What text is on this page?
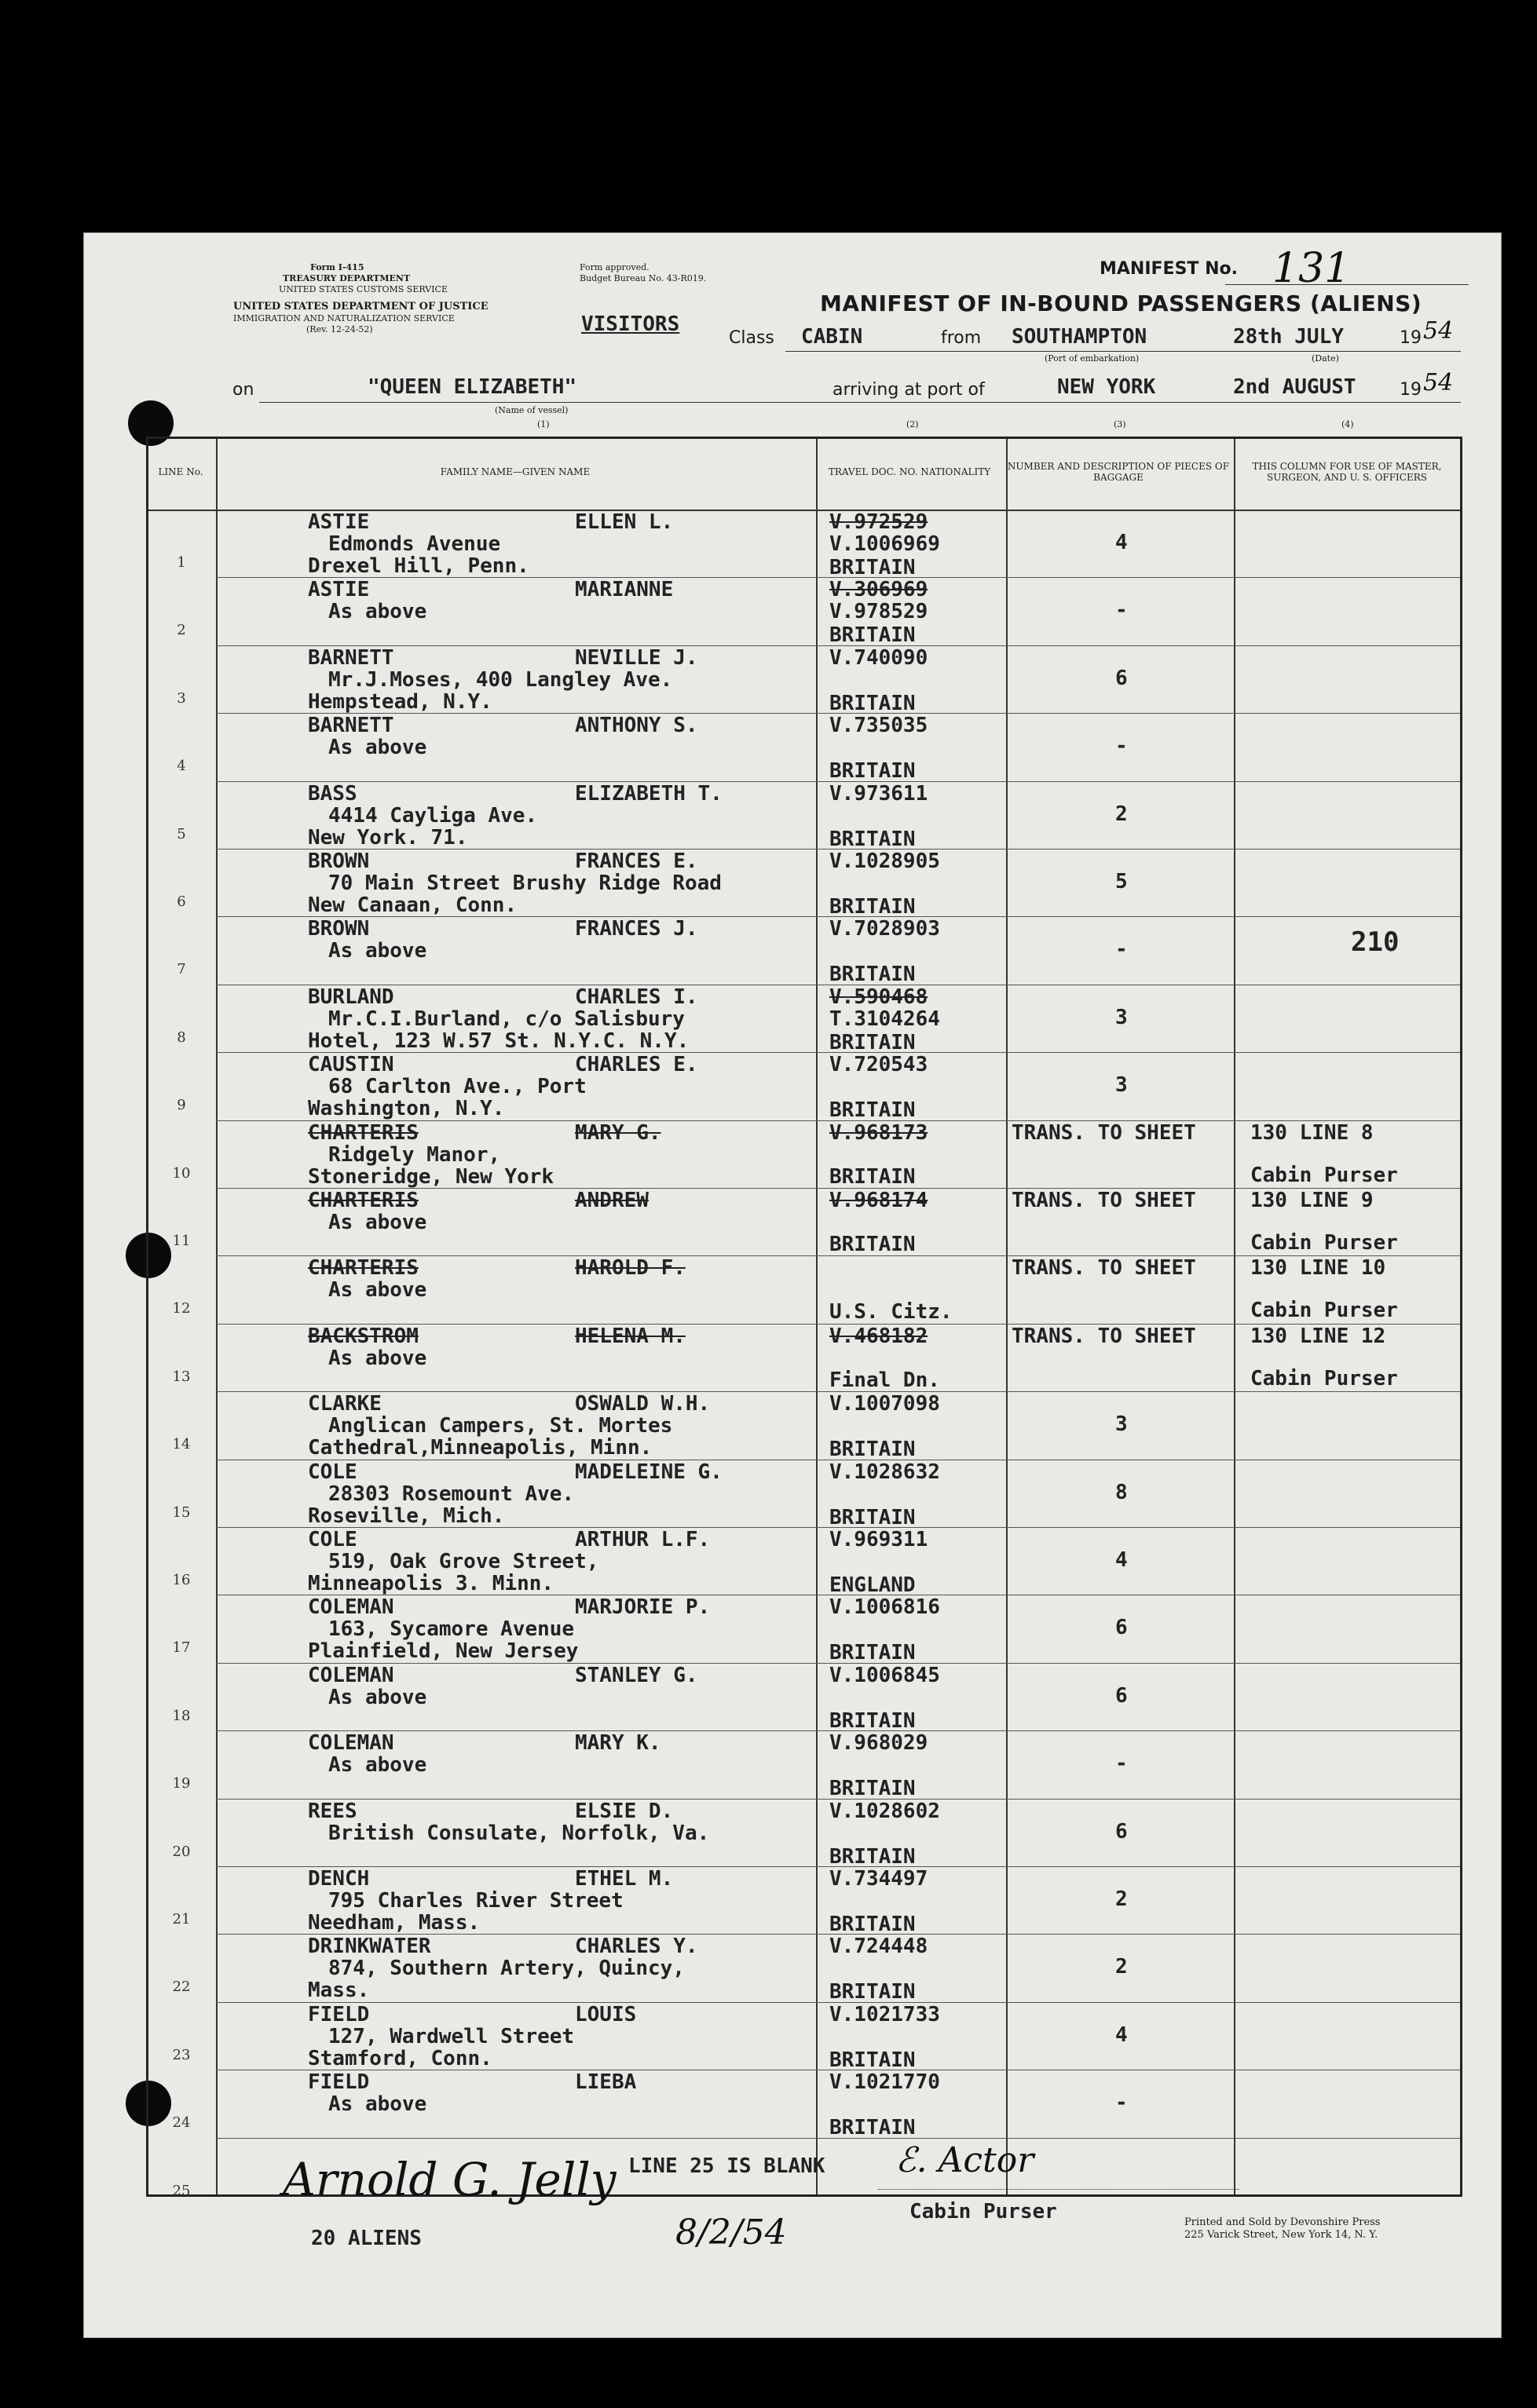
Form I-415
TREASURY DEPARTMENT
UNITED STATES CUSTOMS SERVICE
UNITED STATES DEPARTMENT OF JUSTICE
IMMIGRATION AND NATURALIZATION SERVICE
(Rev. 12-24-52)
Form approved.
Budget Bureau No. 43-R019.	MANIFEST No. 131
MANIFEST OF IN-BOUND PASSENGERS (ALIENS)
VISITORS
Class CABIN	from SOUTHAMPTON	28th JULY	19 54
(Port of embarkation)	(Date)
on	"QUEEN ELIZABETH"	arriving at port of	NEW YORK	2nd AUGUST	19 54
(Name of vessel)
(1)	(2)	(3)	(4)
LINE No.	FAMILY NAME—GIVEN NAME	TRAVEL DOC. NO. NATIONALITY	NUMBER AND DESCRIPTION OF PIECES OF BAGGAGE
THIS COLUMN FOR USE OF MASTER, SURGEON, AND U. S. OFFICERS
1
ASTIE	ELLEN L.
Edmonds Avenue
Drexel Hill, Penn.
V.972529
V.1006969
BRITAIN
4
2
ASTIE	MARIANNE
As above
V.306969
V.978529
BRITAIN
-
3
BARNETT	NEVILLE J.
Mr.J.Moses, 400 Langley Ave.
Hempstead, N.Y.
V.740090
BRITAIN
6
4
BARNETT	ANTHONY S.
As above
V.735035
BRITAIN
-
5
BASS	ELIZABETH T.
4414 Cayliga Ave.
New York. 71.
V.973611
BRITAIN
2
6
BROWN	FRANCES E.
70 Main Street Brushy Ridge Road
New Canaan, Conn.
V.1028905
BRITAIN
5
7
BROWN	FRANCES J.
As above
V.7028903
BRITAIN
-	210
8
BURLAND	CHARLES I.
Mr.C.I.Burland, c/o Salisbury
Hotel, 123 W.57 St. N.Y.C. N.Y.
V.590468
T.3104264
BRITAIN
3
9
CAUSTIN	CHARLES E.
68 Carlton Ave., Port
Washington, N.Y.
V.720543
BRITAIN
3
10
CHARTERIS	MARY G.
Ridgely Manor,
Stoneridge, New York
V.968173
BRITAIN
TRANS. TO SHEET	130 LINE 8
Cabin Purser
11
CHARTERIS	ANDREW
As above
V.968174
BRITAIN
TRANS. TO SHEET	130 LINE 9
Cabin Purser
12
CHARTERIS	HAROLD F.
As above
U.S. Citz.
TRANS. TO SHEET	130 LINE 10
Cabin Purser
13
BACKSTROM	HELENA M.
As above
V.468182
Final Dn.
TRANS. TO SHEET	130 LINE 12
Cabin Purser
14
CLARKE	OSWALD W.H.
Anglican Campers, St. Mortes
Cathedral,Minneapolis, Minn.
V.1007098
BRITAIN
3
15
COLE	MADELEINE G.
28303 Rosemount Ave.
Roseville, Mich.
V.1028632
BRITAIN
8
16
COLE	ARTHUR L.F.
519, Oak Grove Street,
Minneapolis 3. Minn.
V.969311
ENGLAND
4
17
COLEMAN	MARJORIE P.
163, Sycamore Avenue
Plainfield, New Jersey
V.1006816
BRITAIN
6
18
COLEMAN	STANLEY G.
As above
V.1006845
BRITAIN
6
19
COLEMAN	MARY K.
As above
V.968029
BRITAIN
-
20
REES	ELSIE D.
British Consulate, Norfolk, Va.
V.1028602
BRITAIN
6
21
DENCH	ETHEL M.
795 Charles River Street
Needham, Mass.
V.734497
BRITAIN
2
22
DRINKWATER	CHARLES Y.
874, Southern Artery, Quincy,
Mass.
V.724448
BRITAIN
2
23
FIELD	LOUIS
127, Wardwell Street
Stamford, Conn.
V.1021733
BRITAIN
4
24
FIELD	LIEBA
As above
V.1021770
BRITAIN
-
25
LINE 25 IS BLANK ℰ. Actor
Cabin Purser
20 ALIENS
Arnold G. Jelly
8/2/54	Printed and Sold by Devonshire Press
225 Varick Street, New York 14, N. Y.
